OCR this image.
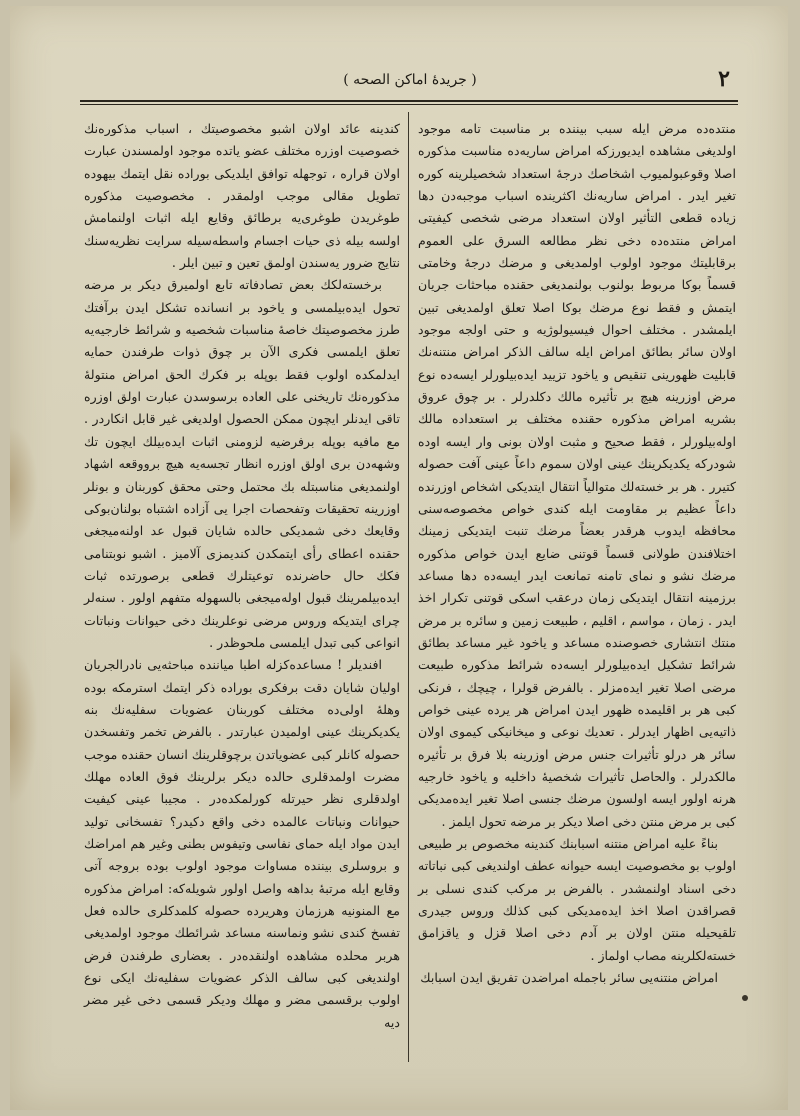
٢
( جريدۀ اماكن الصحه )

منتده‌ده مرض ایله سبب بیننده بر مناسبت تامه موجود اولدیغی مشاهده ایدیورزکه امراض ساریه‌ده مناسبت مذکوره اصلا وقوعبولمیوب اشخاصك درجۀ استعداد شخصیلرینه كوره تغیر ایدر . امراض ساریه‌نك اكثرینده اسباب موجبه‌دن دها زیاده قطعی التأثیر اولان استعداد مرضی شخصی كیفیتی امراض منتده‌ده دخی نظر مطالعه السرق علی العموم برقابلیتك موجود اولوب اولمدیغی و مرضك درجۀ وخامتی قسماً بوكا مربوط بولنوب بولنمدیغی حقنده مباحثات جریان ایتمش و فقط نوع مرضك بوكا اصلا تعلق اولمدیغی تبین ایلمشدر . مختلف احوال فیسیولوژیه و حتی اولجه موجود اولان سائر بطائق امراض ایله سالف الذكر امراض منتنه‌نك قابلیت ظهورینی تنقیص و یاخود تزیید ایده‌بیلورلر ایسه‌ده نوع مرض اوزرینه هیچ بر تأثیره مالك دكلدرلر . بر چوق عروق بشریه امراض مذكوره حقنده مختلف بر استعداده مالك اوله‌بیلورلر ، فقط صحیح و مثبت اولان بونی وار ایسه اوده شودركه یکدیکرینك عینی اولان سموم داعاً عینی آفت حصوله كتیرر . هر بر خسته‌لك متوالیاً انتقال ایتدیكی اشخاص اوزرنده داعاً عظیم بر مقاومت ایله كندی خواص مخصوصه‌سنی محافظه ایدوب هرقدر بعضاً مرضك تنبت ایتدیكی زمینك اختلافندن طولانی قسماً قوتنی ضایع ایدن خواص مذكوره مرضك نشو و نمای تامنه تمانعت ایدر ایسه‌ده دها مساعد برزمینه انتقال ایتدیکی زمان درعقب اسکی قوتنی تكرار اخذ ایدر . زمان ، مواسم ، اقلیم ، طبیعت زمین و سائره بر مرض منتك انتشاری خصوصنده مساعد و یاخود غیر مساعد بطائق شرائط تشکیل ایده‌بیلورلر ایسه‌ده شرائط مذكوره طبیعت مرضی اصلا تغیر ایده‌مزلر . بالفرض قولرا ، چیچك ، فرنكی كبی هر بر اقلیمده ظهور ایدن امراض هر یرده عینی خواص ذاتیه‌یی اظهار ایدرلر . تعدیك نوعی و میخانیكی كیموی اولان سائر هر درلو تأثیرات جنس مرض اوزرینه بلا فرق بر تأثیره مالكدرلر . والحاصل تأثیرات شخصیۀ داخلیه و یاخود خارجیه هرنه اولور ایسه اولسون مرضك جنسی اصلا تغیر ایده‌مدیكی كبی بر مرض منتن دخی اصلا دیكر بر مرضه تحول ایلمز .

بناءً علیه امراض منتنه اسبابنك كندینه مخصوص بر طبیعی اولوب بو مخصوصیت ایسه حیوانه عطف اولندیغی كبی نباتاته دخی اسناد اولنمشدر . بالفرض بر مركب كندی نسلی بر قصراقدن اصلا اخذ ایده‌مدیكی كبی كذلك وروس جیدری تلقیحیله منتن اولان بر آدم دخی اصلا قزل و یاقزامق خسته‌لكلرینه مصاب اولماز .

امراض منتنه‌یی سائر باجمله امراضدن تفریق ایدن اسبابك

كندینه عائد اولان اشبو مخصوصیتك ، اسباب مذكوره‌نك خصوصیت اوزره مختلف عضو یاتده موجود اولمسندن عبارت اولان قراره ، توجهله توافق ایلدیکی بوراده نقل ایتمك بیهوده تطویل مقالی موجب اولمقدر . مخصوصیت مذكوره طوغریدن طوغری‌یه برطائق وقایع ایله اثبات اولنمامش اولسه بیله ذی حیات اجسام واسطه‌سیله سرایت نظریه‌سنك نتایج ضرور یه‌سندن اولمق تعین و تبین ایلر .

برخسته‌لكك بعض تصادفاته تابع اولمیرق دیكر بر مرضه تحول ایده‌بیلمسی و یاخود بر انسانده تشكل ایدن برآفتك طرز مخصوصیتك خاصۀ مناسبات شخصیه و شرائط خارجیه‌یه تعلق ایلمسی فكری الآن بر چوق ذوات طرفندن حمایه ایدلمكده اولوب فقط بوپله بر فكرك الحق امراض منتولۀ مذكوره‌نك تاریخنی علی العاده برسوسدن عبارت اولق اوزره تاقی ایدنلر ایچون ممكن الحصول اولدیغی غیر قابل انكاردر . مع مافیه بوپله برفرضیه لزومنی اثبات ایده‌بیلك ایچون تك وشهه‌دن بری اولق اوزره انظار تجسه‌یه هیچ برووقعه اشهاد اولنمدیغی مناسبتله بك محتمل وحتی محقق كوربنان و بونلر اوزرینه تحقیقات وتفحصات اجرا یی آزاده اشتباه بولنان‌بوكی وقایعك دخی شمدیكی حالده شایان قبول عد اولنه‌میجغی حقنده اعطای رأی ایتمكدن كندیمزی آلامیز . اشبو نوبتنامی فكك حال حاضرنده توعیتلرك قطعی برصورتده ثبات ایده‌بیلمرینك قبول اوله‌میجغی بالسهوله متفهم اولور . سنه‌لر چرای ایتدیکه وروس مرضی نوعلرینك دخی حیوانات ونباتات انواعی كبی تبدل ایلمسی ملحوظدر .

افندیلر ! مساعده‌كزله اطبا میاننده مباحثه‌یی نادرالجریان اولیان شایان دقت برفكری بوراده ذكر ایتمك استرمكه بوده وهلۀ اولی‌ده مختلف كوربنان عضویات سفلیه‌نك بنه یکدیكرینك عینی اولمیدن عبارتدر . بالفرض تخمر وتفسخدن حصوله كانلر كبی عضویاتدن برچوقلرینك انسان حقنده موجب مضرت اولمدقلری حالده دیكر برلرینك فوق العاده مهلك اولدقلری نظر حیرتله كورلمكده‌در . مجیبا عینی كیفیت حیوانات ونباتات عالمده دخی واقع دكیدر؟ تفسخانی تولید ایدن مواد ایله حمای نفاسی وتیفوس بطنی وغیر هم امراضك و بروسلری بیننده مساوات موجود اولوب بوده بروجه آتی وقایع ایله مرتبۀ بداهه واصل اولور شویله‌كه: امراض مذكوره مع المنونیه هرزمان وهریرده حصوله كلمدكلری حالده فعل تفسخ كندی نشو ونماسنه مساعد شرائطك موجود اولمدیغی هربر محلده مشاهده اولنقده‌در . بعضاری طرفندن فرض اولندیغی كبی سالف الذكر عضویات سفلیه‌نك ایكی نوع اولوب برقسمی مضر و مهلك ودیكر قسمی دخی غیر مضر دیه
